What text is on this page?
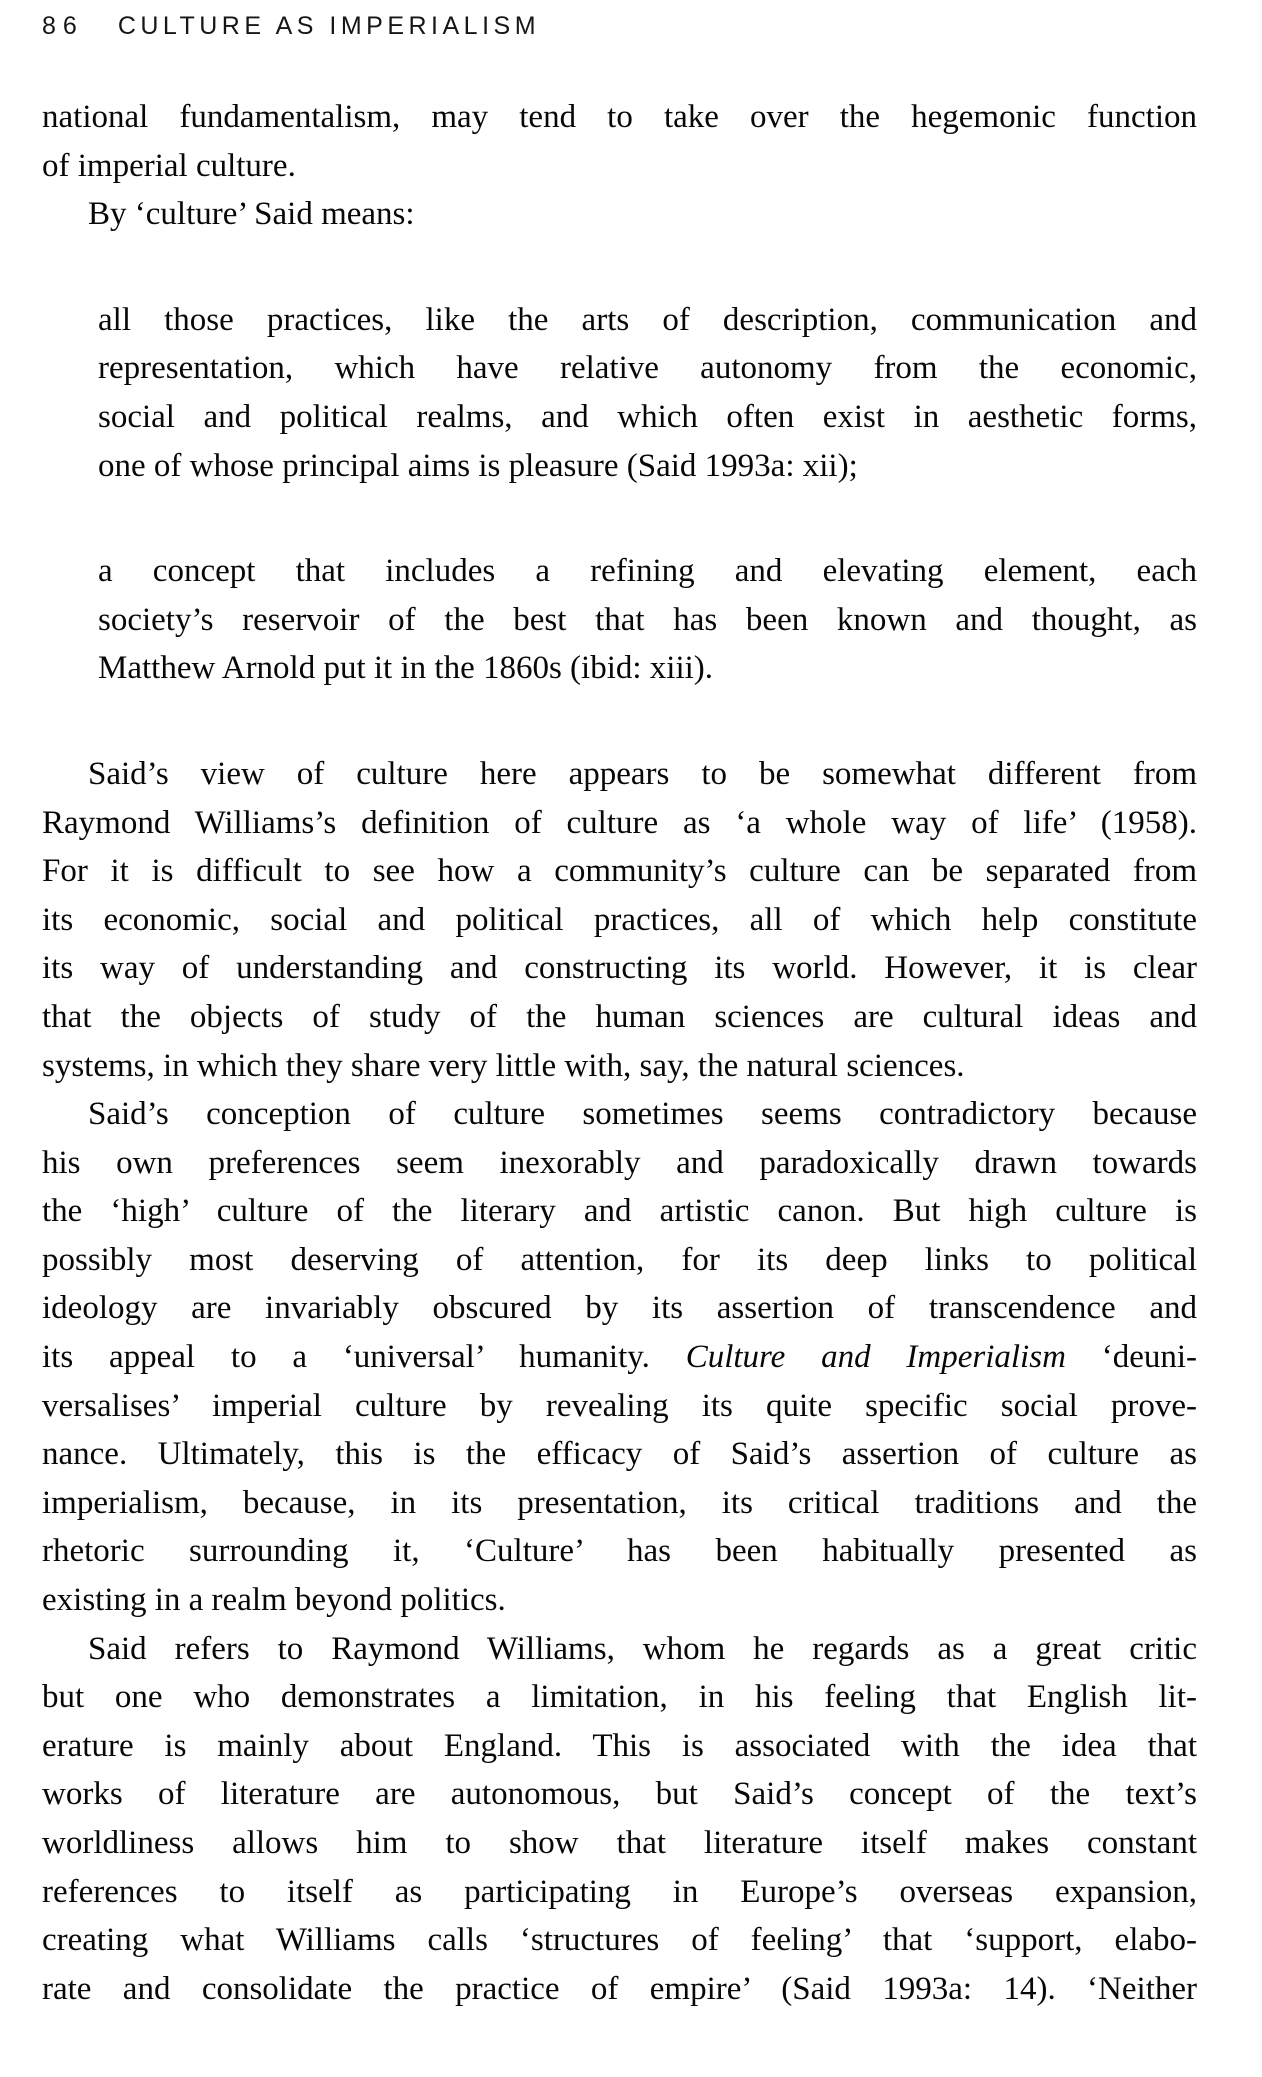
86 CULTURE AS IMPERIALISM
national fundamentalism, may tend to take over the hegemonic function
of imperial culture.
By ‘culture’ Said means:
all those practices, like the arts of description, communication and
representation, which have relative autonomy from the economic,
social and political realms, and which often exist in aesthetic forms,
one of whose principal aims is pleasure (Said 1993a: xii);
a concept that includes a refining and elevating element, each
society’s reservoir of the best that has been known and thought, as
Matthew Arnold put it in the 1860s (ibid: xiii).
Said’s view of culture here appears to be somewhat different from
Raymond Williams’s definition of culture as ‘a whole way of life’ (1958).
For it is difficult to see how a community’s culture can be separated from
its economic, social and political practices, all of which help constitute
its way of understanding and constructing its world. However, it is clear
that the objects of study of the human sciences are cultural ideas and
systems, in which they share very little with, say, the natural sciences.
Said’s conception of culture sometimes seems contradictory because
his own preferences seem inexorably and paradoxically drawn towards
the ‘high’ culture of the literary and artistic canon. But high culture is
possibly most deserving of attention, for its deep links to political
ideology are invariably obscured by its assertion of transcendence and
its appeal to a ‘universal’ humanity. Culture and Imperialism ‘deuni-
versalises’ imperial culture by revealing its quite specific social prove-
nance. Ultimately, this is the efficacy of Said’s assertion of culture as
imperialism, because, in its presentation, its critical traditions and the
rhetoric surrounding it, ‘Culture’ has been habitually presented as
existing in a realm beyond politics.
Said refers to Raymond Williams, whom he regards as a great critic
but one who demonstrates a limitation, in his feeling that English lit-
erature is mainly about England. This is associated with the idea that
works of literature are autonomous, but Said’s concept of the text’s
worldliness allows him to show that literature itself makes constant
references to itself as participating in Europe’s overseas expansion,
creating what Williams calls ‘structures of feeling’ that ‘support, elabo-
rate and consolidate the practice of empire’ (Said 1993a: 14). ‘Neither
